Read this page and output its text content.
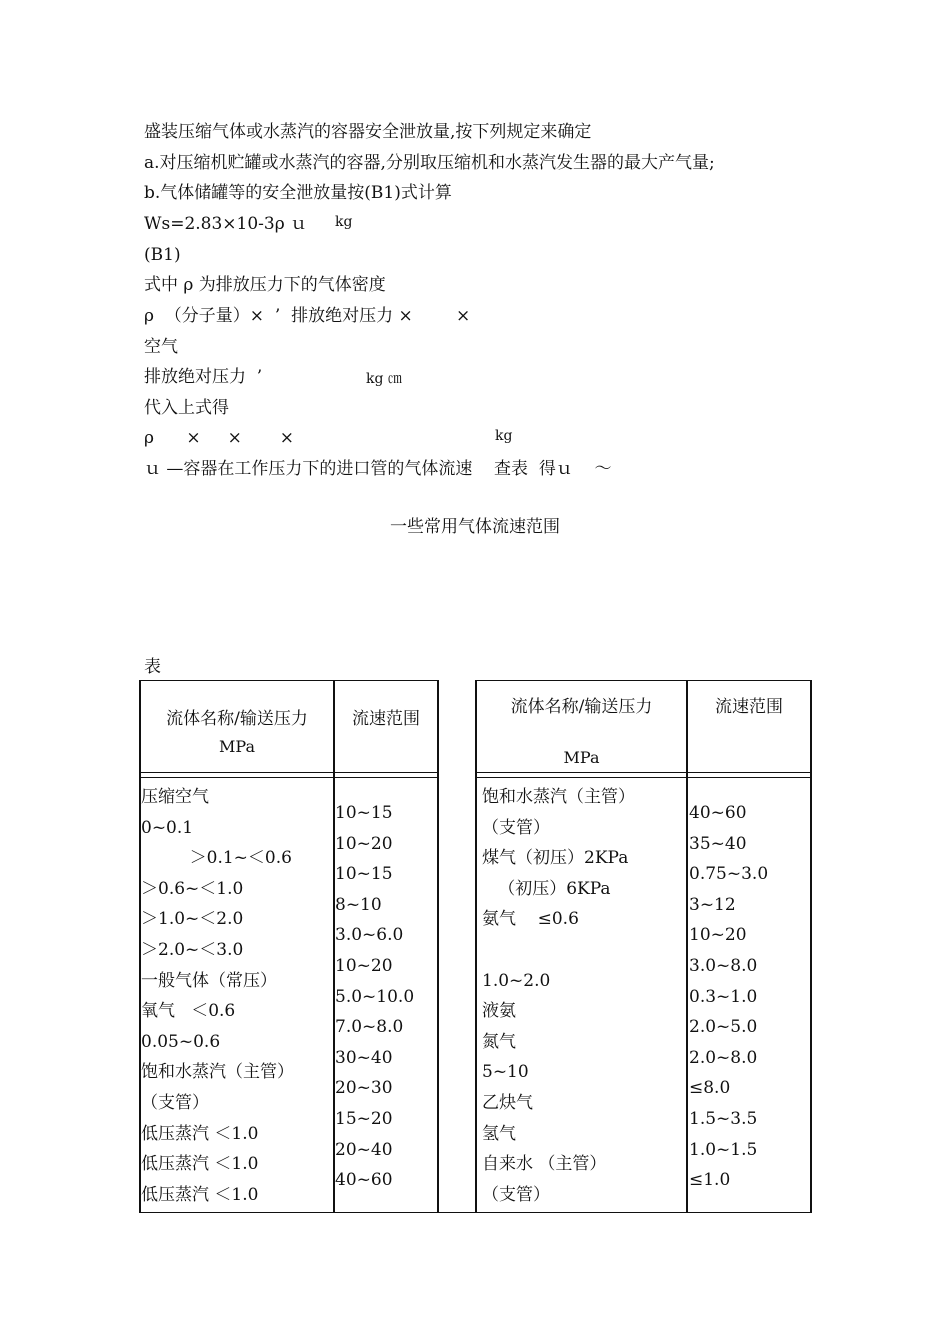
盛装压缩气体或水蒸汽的容器安全泄放量,按下列规定来确定
a.对压缩机贮罐或水蒸汽的容器,分别取压缩机和水蒸汽发生器的最大产气量;
b.气体储罐等的安全泄放量按(B1)式计算
Ws=2.83×10-3ρ ｕ kg
(B1)
式中 ρ 为排放压力下的气体密度
ρ  （分子量）×  ’  排放绝对压力 ×        ×
空气
排放绝对压力  ’	kg ㎝
代入上式得
ρ      ×     ×       ×	kg
ｕ —容器在工作压力下的进口管的气体流速    查表  得ｕ    ～
一些常用气体流速范围
表
流体名称/输送压力
MPa
流速范围
流体名称/输送压力
MPa
流速范围
压缩空气
0~0.1
＞0.1~＜0.6
＞0.6~＜1.0
＞1.0~＜2.0
＞2.0~＜3.0
一般气体（常压）
氧气   ＜0.6
0.05~0.6
饱和水蒸汽（主管）
（支管）
低压蒸汽 ＜1.0
低压蒸汽 ＜1.0
低压蒸汽 ＜1.0
10~15
10~20
10~15
8~10
3.0~6.0
10~20
5.0~10.0
7.0~8.0
30~40
20~30
15~20
20~40
40~60
饱和水蒸汽（主管）
（支管）
煤气（初压）2KPa
（初压）6KPa
氨气    ≤0.6

1.0~2.0
液氨
氮气
5~10
乙炔气
氢气
自来水 （主管）
（支管）
40~60
35~40
0.75~3.0
3~12
10~20
3.0~8.0
0.3~1.0
2.0~5.0
2.0~8.0
≤8.0
1.5~3.5
1.0~1.5
≤1.0
